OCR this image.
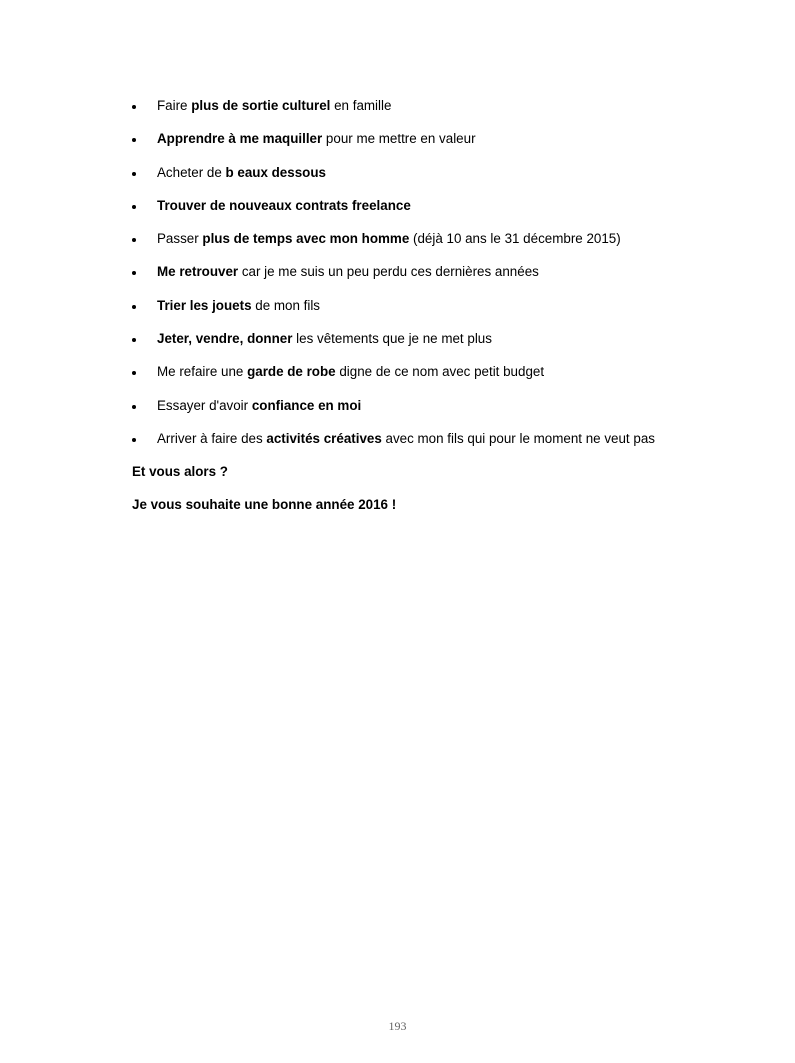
Faire plus de sortie culturel en famille
Apprendre à me maquiller pour me mettre en valeur
Acheter de b eaux dessous
Trouver de nouveaux contrats freelance
Passer plus de temps avec mon homme (déjà 10 ans le 31 décembre 2015)
Me retrouver car je me suis un peu perdu ces dernières années
Trier les jouets de mon fils
Jeter, vendre, donner les vêtements que je ne met plus
Me refaire une garde de robe digne de ce nom avec petit budget
Essayer d'avoir confiance en moi
Arriver à faire des activités créatives avec mon fils qui pour le moment ne veut pas

Et vous alors ?

Je vous souhaite une bonne année 2016 !

193
